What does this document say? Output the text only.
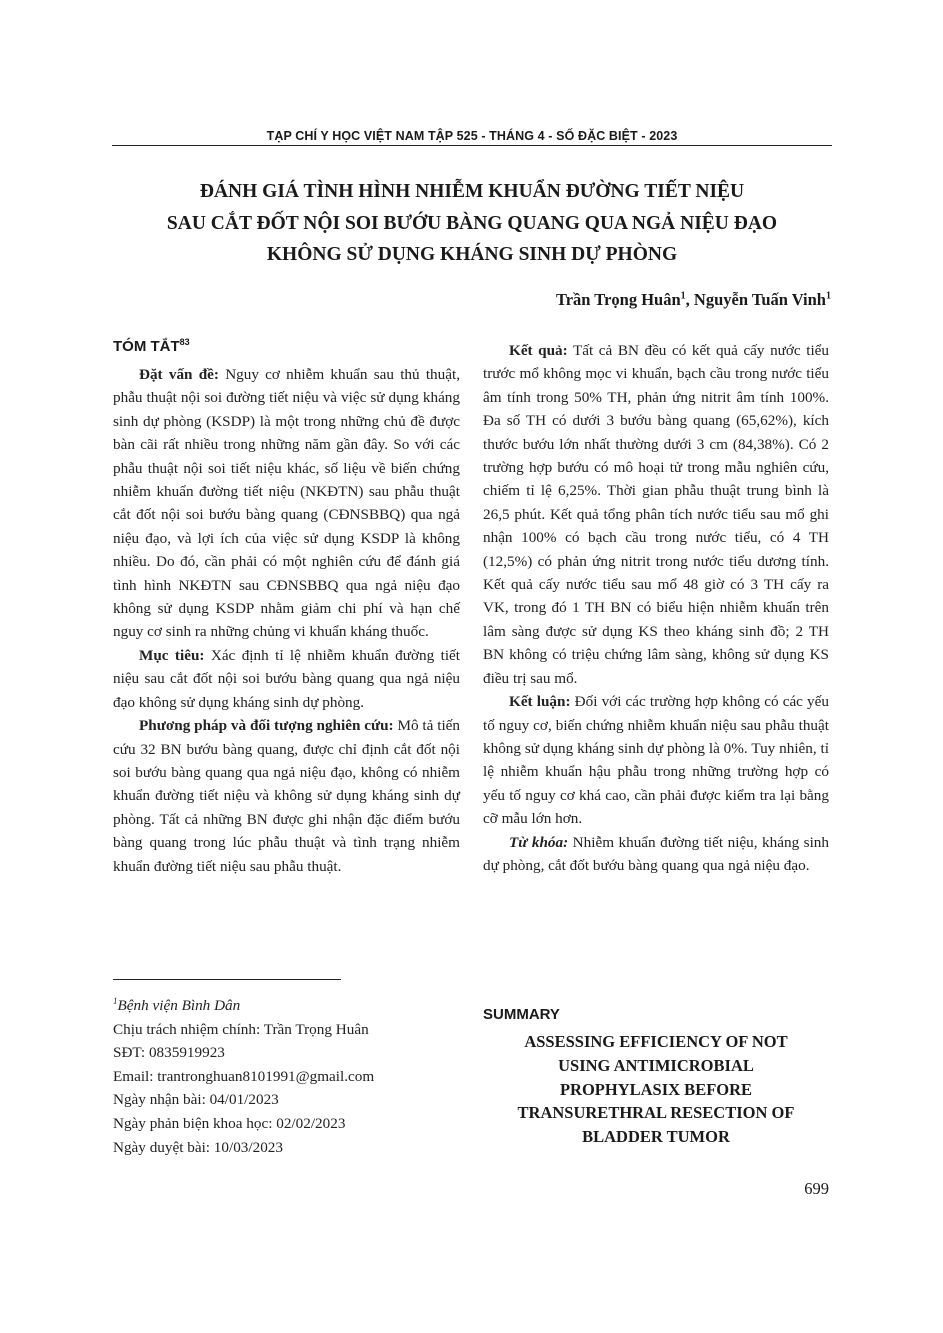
TẠP CHÍ Y HỌC VIỆT NAM TẬP 525 - THÁNG 4 - SỐ ĐẶC BIỆT - 2023
ĐÁNH GIÁ TÌNH HÌNH NHIỄM KHUẨN ĐƯỜNG TIẾT NIỆU
SAU CẮT ĐỐT NỘI SOI BƯỚU BÀNG QUANG QUA NGẢ NIỆU ĐẠO
KHÔNG SỬ DỤNG KHÁNG SINH DỰ PHÒNG
Trần Trọng Huân$^1$, Nguyễn Tuấn Vinh$^1$
TÓM TẮT$^{83}$

Đặt vấn đề: Nguy cơ nhiễm khuẩn sau thủ thuật, phẫu thuật nội soi đường tiết niệu và việc sử dụng kháng sinh dự phòng (KSDP) là một trong những chủ đề được bàn cãi rất nhiều trong những năm gần đây. So với các phẫu thuật nội soi tiết niệu khác, số liệu về biến chứng nhiễm khuẩn đường tiết niệu (NKĐTN) sau phẫu thuật cắt đốt nội soi bướu bàng quang (CĐNSBBQ) qua ngả niệu đạo, và lợi ích của việc sử dụng KSDP là không nhiều. Do đó, cần phải có một nghiên cứu để đánh giá tình hình NKĐTN sau CĐNSBBQ qua ngả niệu đạo không sử dụng KSDP nhằm giảm chi phí và hạn chế nguy cơ sinh ra những chủng vi khuẩn kháng thuốc.

Mục tiêu: Xác định tỉ lệ nhiễm khuẩn đường tiết niệu sau cắt đốt nội soi bướu bàng quang qua ngả niệu đạo không sử dụng kháng sinh dự phòng.

Phương pháp và đối tượng nghiên cứu: Mô tả tiến cứu 32 BN bướu bàng quang, được chỉ định cắt đốt nội soi bướu bàng quang qua ngả niệu đạo, không có nhiễm khuẩn đường tiết niệu và không sử dụng kháng sinh dự phòng. Tất cả những BN được ghi nhận đặc điểm bướu bàng quang trong lúc phẫu thuật và tình trạng nhiễm khuẩn đường tiết niệu sau phẫu thuật.

$^1$Bệnh viện Bình Dân
Chịu trách nhiệm chính: Trần Trọng Huân
SĐT: 0835919923
Email: trantronghuan8101991@gmail.com
Ngày nhận bài: 04/01/2023
Ngày phản biện khoa học: 02/02/2023
Ngày duyệt bài: 10/03/2023

Kết quả: Tất cả BN đều có kết quả cấy nước tiểu trước mổ không mọc vi khuẩn, bạch cầu trong nước tiểu âm tính trong 50% TH, phản ứng nitrit âm tính 100%. Đa số TH có dưới 3 bướu bàng quang (65,62%), kích thước bướu lớn nhất thường dưới 3 cm (84,38%). Có 2 trường hợp bướu có mô hoại tử trong mẫu nghiên cứu, chiếm tỉ lệ 6,25%. Thời gian phẫu thuật trung bình là 26,5 phút. Kết quả tổng phân tích nước tiểu sau mổ ghi nhận 100% có bạch cầu trong nước tiểu, có 4 TH (12,5%) có phản ứng nitrit trong nước tiểu dương tính. Kết quả cấy nước tiểu sau mổ 48 giờ có 3 TH cấy ra VK, trong đó 1 TH BN có biểu hiện nhiễm khuẩn trên lâm sàng được sử dụng KS theo kháng sinh đồ; 2 TH BN không có triệu chứng lâm sàng, không sử dụng KS điều trị sau mổ.

Kết luận: Đối với các trường hợp không có các yếu tố nguy cơ, biến chứng nhiễm khuẩn niệu sau phẫu thuật không sử dụng kháng sinh dự phòng là 0%. Tuy nhiên, tỉ lệ nhiễm khuẩn hậu phẫu trong những trường hợp có yếu tố nguy cơ khá cao, cần phải được kiểm tra lại bằng cỡ mẫu lớn hơn.

Từ khóa: Nhiễm khuẩn đường tiết niệu, kháng sinh dự phòng, cắt đốt bướu bàng quang qua ngả niệu đạo.

SUMMARY
ASSESSING EFFICIENCY OF NOT
USING ANTIMICROBIAL
PROPHYLASIX BEFORE
TRANSURETHRAL RESECTION OF
BLADDER TUMOR
699
